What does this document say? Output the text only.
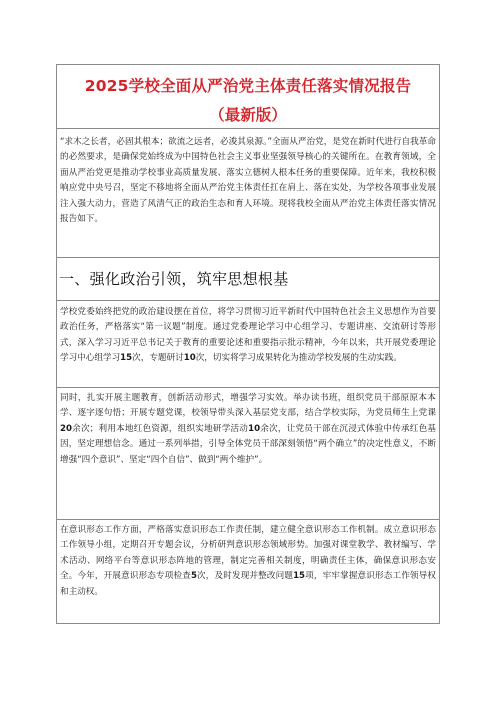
2025学校全面从严治党主体责任落实情况报告
（最新版）

“求木之长者，必固其根本；欲流之远者，必浚其泉源。”全面从严治党，是党在新时代进行自我革命的必然要求，是确保党始终成为中国特色社会主义事业坚强领导核心的关键所在。在教育领域，全面从严治党更是推动学校事业高质量发展、落实立德树人根本任务的重要保障。近年来，我校积极响应党中央号召，坚定不移地将全面从严治党主体责任扛在肩上、落在实处，为学校各项事业发展注入强大动力，营造了风清气正的政治生态和育人环境。现将我校全面从严治党主体责任落实情况报告如下。

一、强化政治引领，筑牢思想根基

学校党委始终把党的政治建设摆在首位，将学习贯彻习近平新时代中国特色社会主义思想作为首要政治任务，严格落实“第一议题”制度。通过党委理论学习中心组学习、专题讲座、交流研讨等形式，深入学习习近平总书记关于教育的重要论述和重要指示批示精神，今年以来，共开展党委理论学习中心组学习15次，专题研讨10次，切实将学习成果转化为推动学校发展的生动实践。

同时，扎实开展主题教育，创新活动形式，增强学习实效。举办读书班，组织党员干部原原本本学、逐字逐句悟；开展专题党课，校领导带头深入基层党支部，结合学校实际，为党员师生上党课20余次；利用本地红色资源，组织实地研学活动10余次，让党员干部在沉浸式体验中传承红色基因，坚定理想信念。通过一系列举措，引导全体党员干部深刻领悟“两个确立”的决定性意义，不断增强“四个意识”、坚定“四个自信”、做到“两个维护”。

在意识形态工作方面，严格落实意识形态工作责任制，建立健全意识形态工作机制。成立意识形态工作领导小组，定期召开专题会议，分析研判意识形态领域形势。加强对课堂教学、教材编写、学术活动、网络平台等意识形态阵地的管理，制定完善相关制度，明确责任主体，确保意识形态安全。今年，开展意识形态专项检查5次，及时发现并整改问题15项，牢牢掌握意识形态工作领导权和主动权。
